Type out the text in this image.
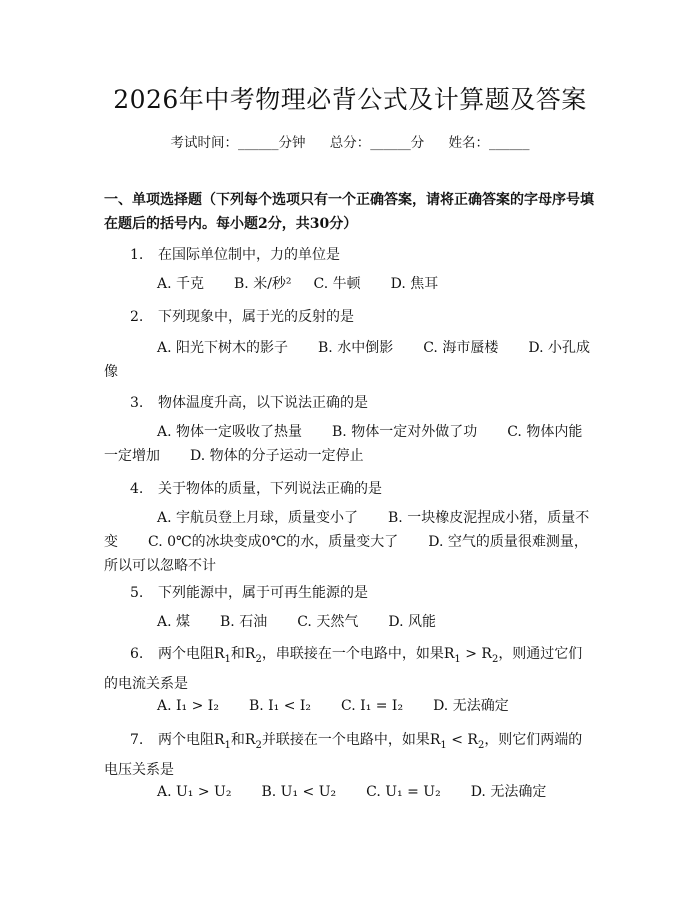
2026年中考物理必背公式及计算题及答案
考试时间：______分钟 总分：______分 姓名：______
一、单项选择题（下列每个选项只有一个正确答案，请将正确答案的字母序号填在题后的括号内。每小题2分，共30分）
1. 在国际单位制中，力的单位是
A. 千克 B. 米/秒² C. 牛顿 D. 焦耳
2. 下列现象中，属于光的反射的是
A. 阳光下树木的影子 B. 水中倒影 C. 海市蜃楼 D. 小孔成像
3. 物体温度升高，以下说法正确的是
A. 物体一定吸收了热量 B. 物体一定对外做了功 C. 物体内能一定增加 D. 物体的分子运动一定停止
4. 关于物体的质量，下列说法正确的是
A. 宇航员登上月球，质量变小了 B. 一块橡皮泥捏成小猪，质量不变 C. 0℃的冰块变成0℃的水，质量变大了 D. 空气的质量很难测量，所以可以忽略不计
5. 下列能源中，属于可再生能源的是
A. 煤 B. 石油 C. 天然气 D. 风能
6. 两个电阻$R_1$和$R_2$，串联接在一个电路中，如果$R_1 > R_2$，则通过它们的电流关系是
A. I₁ > I₂ B. I₁ < I₂ C. I₁ = I₂ D. 无法确定
7. 两个电阻$R_1$和$R_2$并联接在一个电路中，如果$R_1 < R_2$，则它们两端的电压关系是
A. U₁ > U₂ B. U₁ < U₂ C. U₁ = U₂ D. 无法确定
